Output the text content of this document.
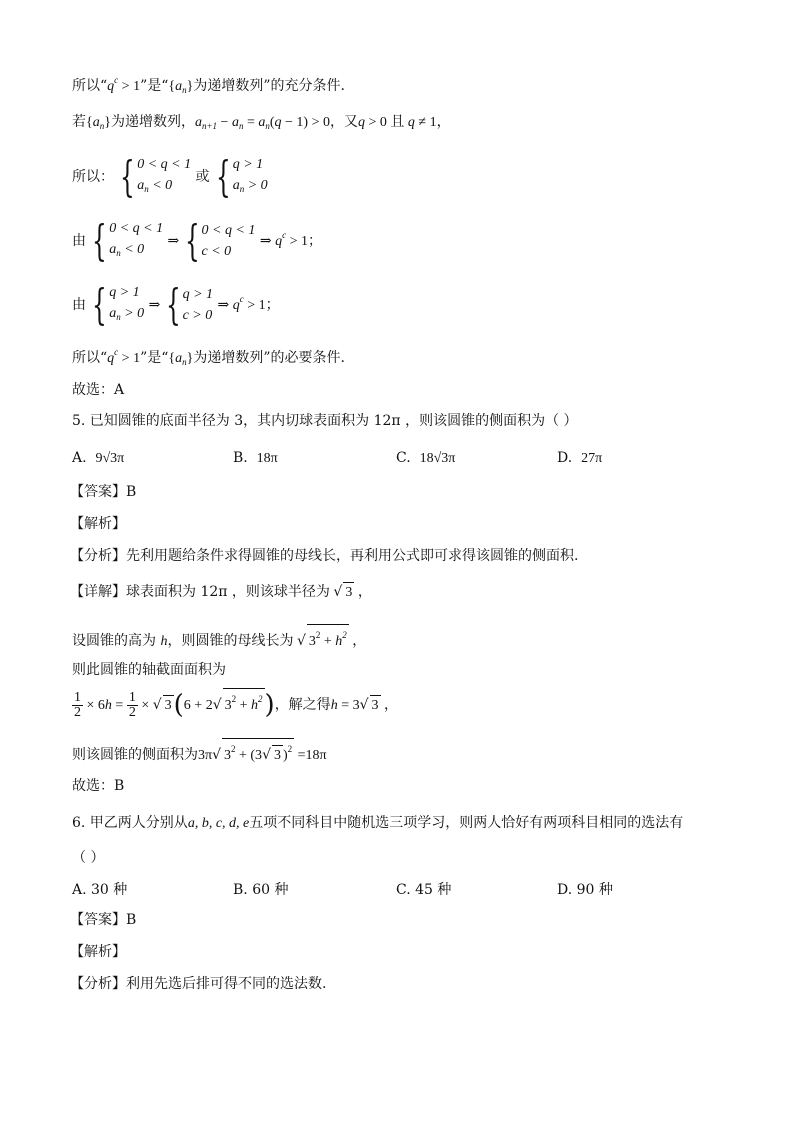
所以“$q^c > 1$”是“$\{a_n\}$为递增数列”的充分条件.
若$\{a_n\}$为递增数列，$a_{n+1} - a_n = a_n(q - 1) > 0$，又q > 0 且 q ≠ 1，
所以： { 0 < q < 1
$a_n < 0$
或 { q > 1
$a_n > 0$
由 { 0 < q < 1
$a_n < 0$
⇒ { 0 < q < 1
c < 0
⇒ $q^c > 1$；
由 { q > 1
$a_n > 0$
⇒ { q > 1
c > 0
⇒ $q^c > 1$；
所以“$q^c > 1$”是“$\{a_n\}$为递增数列”的必要条件.
故选：A
5. 已知圆锥的底面半径为 3，其内切球表面积为 12π ，则该圆锥的侧面积为（ ）
A. 9√3π	B. 18π	C. 18√3π	D. 27π
【答案】B
【解析】
【分析】先利用题给条件求得圆锥的母线长，再利用公式即可求得该圆锥的侧面积.
【详解】球表面积为 12π ，则该球半径为 √ 3 ，
设圆锥的高为 h，则圆锥的母线长为 √ $3^2 + h^2$ ，
则此圆锥的轴截面面积为
$\frac{1}{2} \times 6h = \frac{1}{2}$ × √ 3(6 + 2√ $3^2 + h^2$)，解之得h = 3√ 3 ，
则该圆锥的侧面积为3π√ $3^2 + (3√$ 3 )$^2$ =18π
故选：B
6. 甲乙两人分别从a, b, c, d, e五项不同科目中随机选三项学习，则两人恰好有两项科目相同的选法有
（ ）
A. 30 种	B. 60 种	C. 45 种	D. 90 种
【答案】B
【解析】
【分析】利用先选后排可得不同的选法数.
